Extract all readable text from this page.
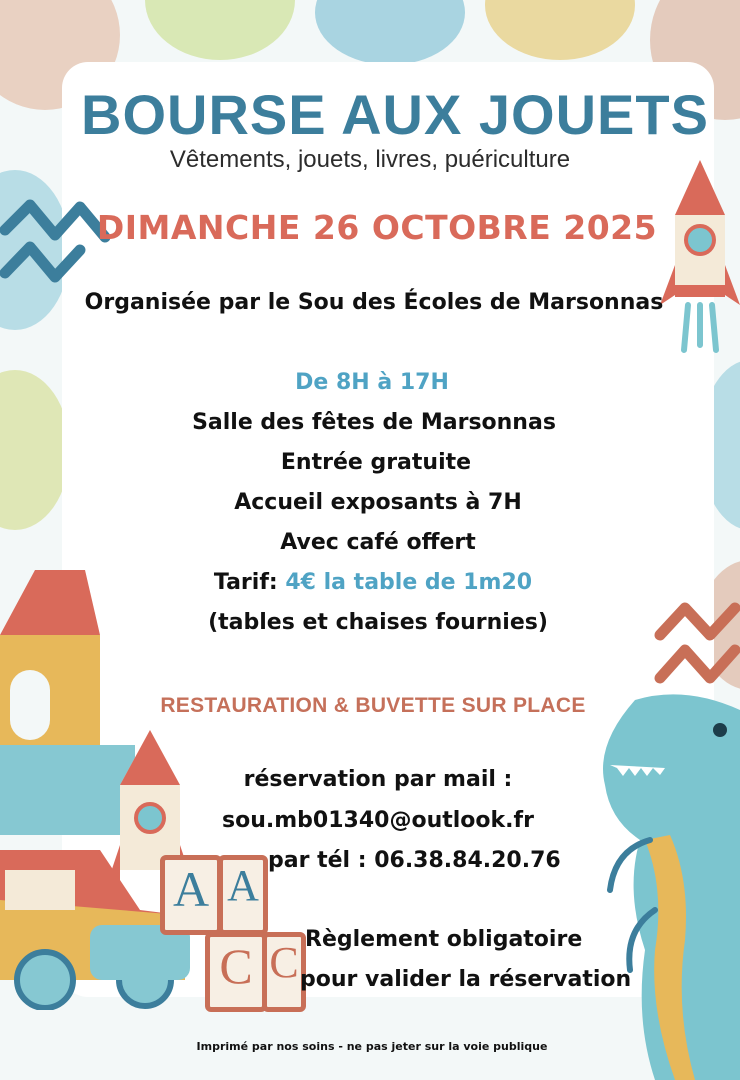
A A
C C
BOURSE AUX JOUETS
Vêtements, jouets, livres, puériculture
DIMANCHE 26 OCTOBRE 2025
Organisée par le Sou des Écoles de Marsonnas
De 8H à 17H
Salle des fêtes de Marsonnas
Entrée gratuite
Accueil exposants à 7H
Avec café offert
Tarif: 4€ la table de 1m20
(tables et chaises fournies)
RESTAURATION & BUVETTE SUR PLACE
réservation par mail :
sou.mb01340@outlook.fr
par tél : 06.38.84.20.76
Règlement obligatoire
pour valider la réservation
Imprimé par nos soins - ne pas jeter sur la voie publique
